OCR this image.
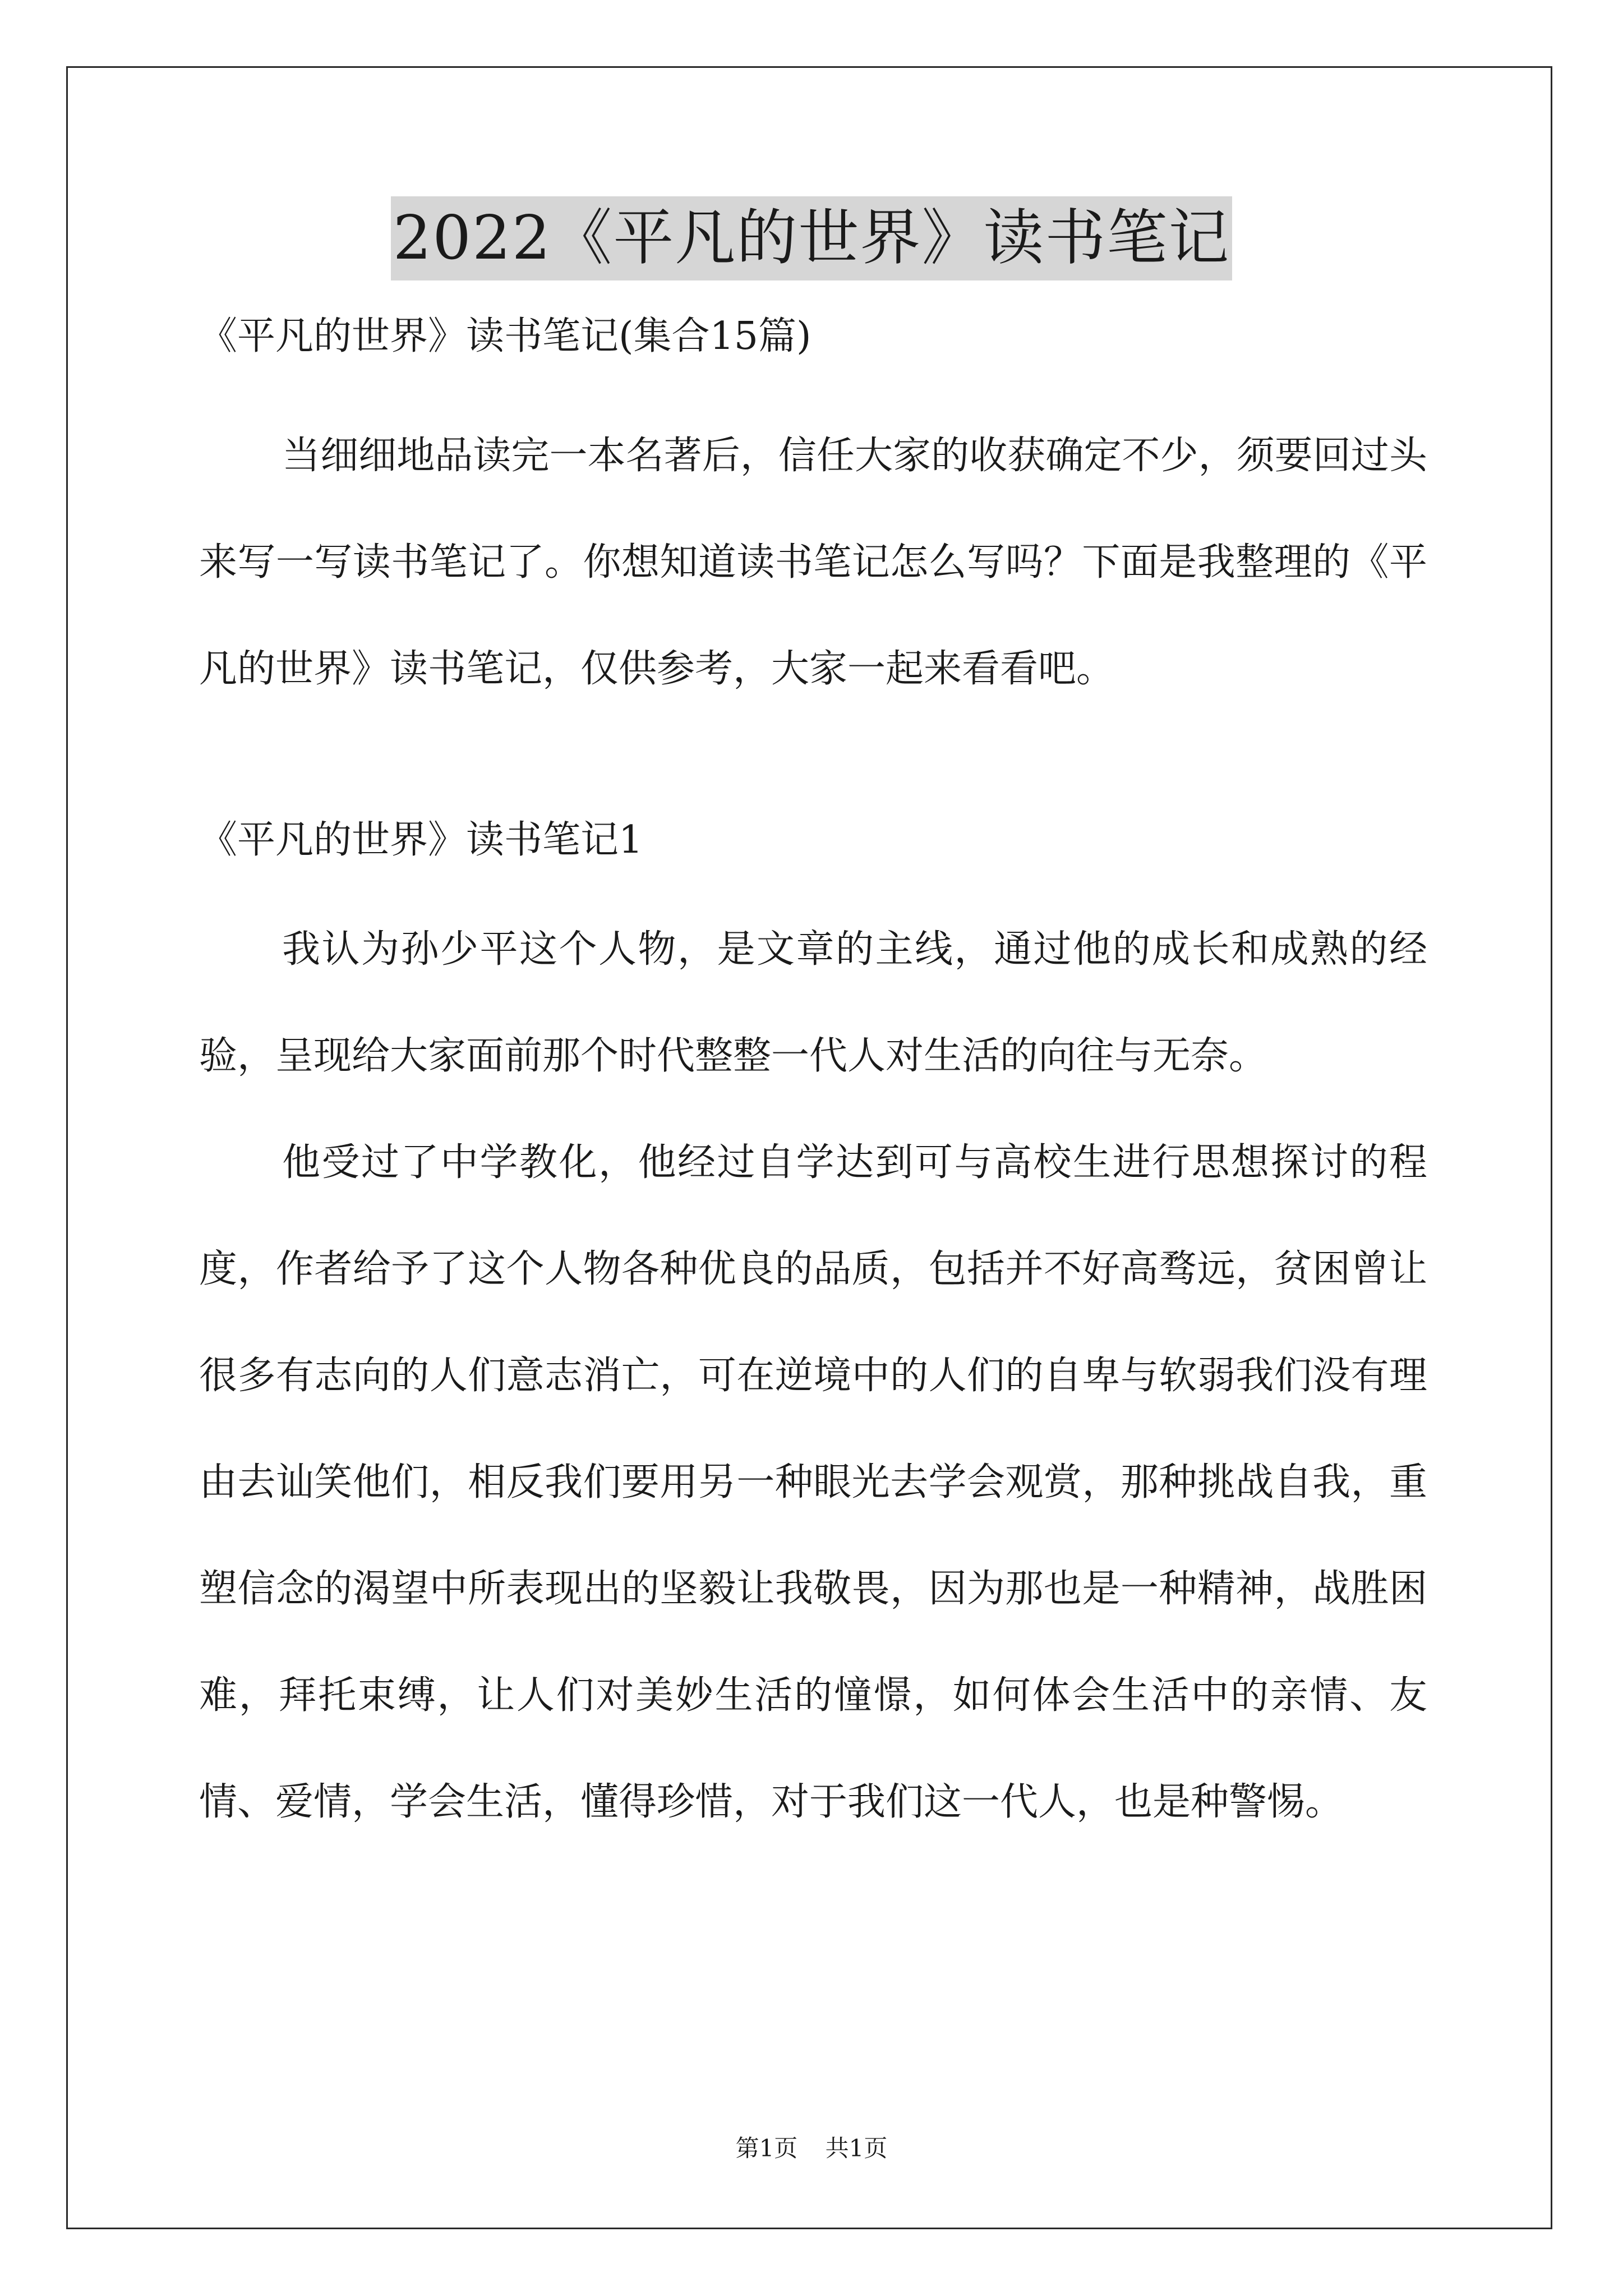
2022《平凡的世界》读书笔记

《平凡的世界》读书笔记(集合15篇)

当细细地品读完一本名著后，信任大家的收获确定不少，须要回过头来写一写读书笔记了。你想知道读书笔记怎么写吗？下面是我整理的《平凡的世界》读书笔记，仅供参考，大家一起来看看吧。

《平凡的世界》读书笔记1

我认为孙少平这个人物，是文章的主线，通过他的成长和成熟的经验，呈现给大家面前那个时代整整一代人对生活的向往与无奈。

他受过了中学教化，他经过自学达到可与高校生进行思想探讨的程度，作者给予了这个人物各种优良的品质，包括并不好高骛远，贫困曾让很多有志向的人们意志消亡，可在逆境中的人们的自卑与软弱我们没有理由去讪笑他们，相反我们要用另一种眼光去学会观赏，那种挑战自我，重塑信念的渴望中所表现出的坚毅让我敬畏，因为那也是一种精神，战胜困难，拜托束缚，让人们对美妙生活的憧憬，如何体会生活中的亲情、友情、爱情，学会生活，懂得珍惜，对于我们这一代人，也是种警惕。

第1页 共1页
